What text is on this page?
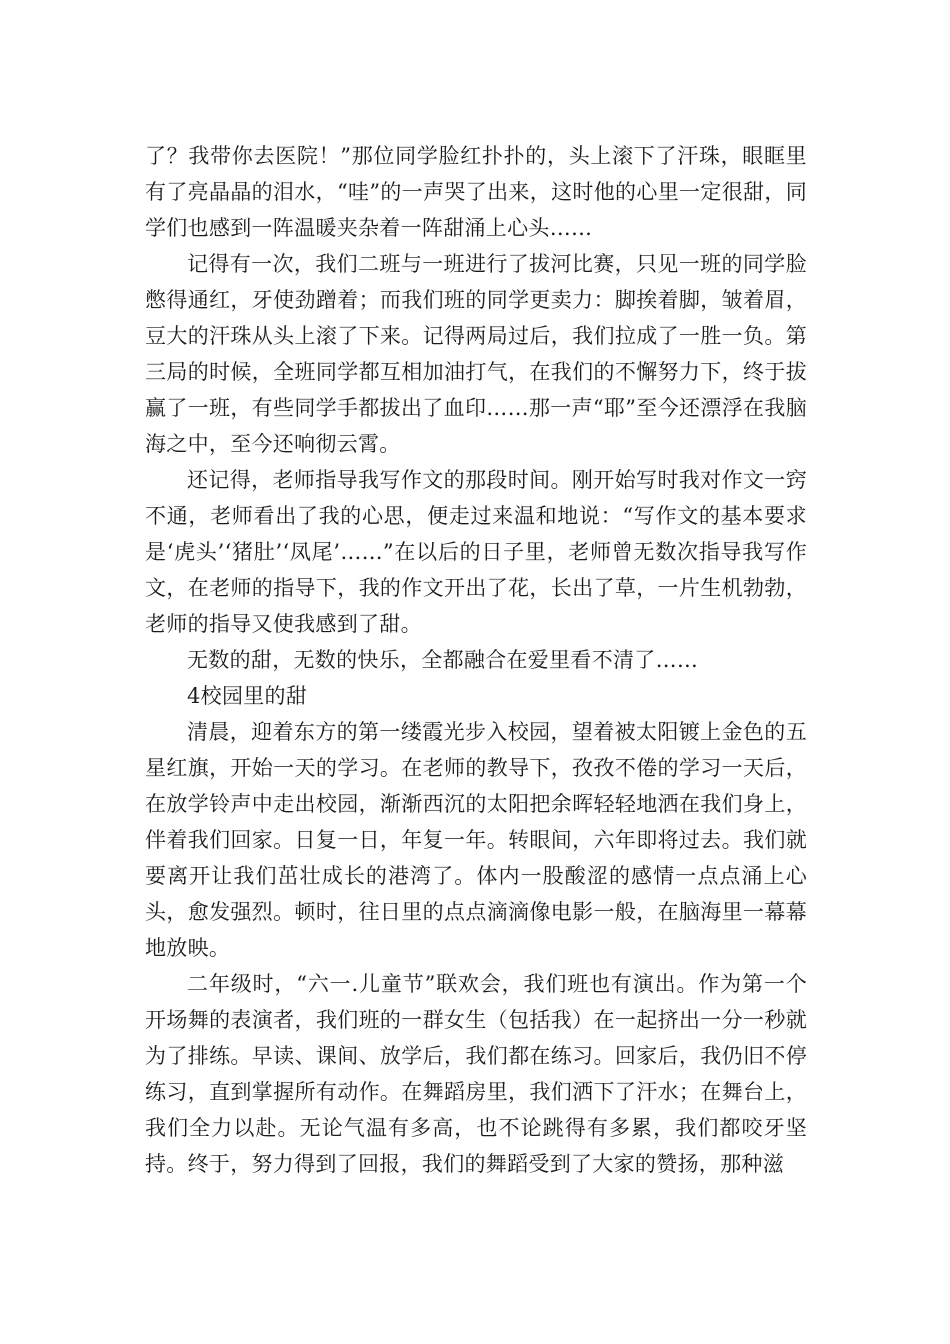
了？我带你去医院！”那位同学脸红扑扑的，头上滚下了汗珠，眼眶里有了亮晶晶的泪水，“哇”的一声哭了出来，这时他的心里一定很甜，同学们也感到一阵温暖夹杂着一阵甜涌上心头……

记得有一次，我们二班与一班进行了拔河比赛，只见一班的同学脸憋得通红，牙使劲蹭着；而我们班的同学更卖力：脚挨着脚，皱着眉，豆大的汗珠从头上滚了下来。记得两局过后，我们拉成了一胜一负。第三局的时候，全班同学都互相加油打气，在我们的不懈努力下，终于拔赢了一班，有些同学手都拔出了血印……那一声“耶”至今还漂浮在我脑海之中，至今还响彻云霄。

还记得，老师指导我写作文的那段时间。刚开始写时我对作文一窍不通，老师看出了我的心思，便走过来温和地说：“写作文的基本要求是‘虎头’‘猪肚’‘凤尾’……”在以后的日子里，老师曾无数次指导我写作文，在老师的指导下，我的作文开出了花，长出了草，一片生机勃勃，老师的指导又使我感到了甜。

无数的甜，无数的快乐，全都融合在爱里看不清了……

4校园里的甜

清晨，迎着东方的第一缕霞光步入校园，望着被太阳镀上金色的五星红旗，开始一天的学习。在老师的教导下，孜孜不倦的学习一天后，在放学铃声中走出校园，渐渐西沉的太阳把余晖轻轻地洒在我们身上，伴着我们回家。日复一日，年复一年。转眼间，六年即将过去。我们就要离开让我们茁壮成长的港湾了。体内一股酸涩的感情一点点涌上心头，愈发强烈。顿时，往日里的点点滴滴像电影一般，在脑海里一幕幕地放映。

二年级时，“六一.儿童节”联欢会，我们班也有演出。作为第一个开场舞的表演者，我们班的一群女生（包括我）在一起挤出一分一秒就为了排练。早读、课间、放学后，我们都在练习。回家后，我仍旧不停练习，直到掌握所有动作。在舞蹈房里，我们洒下了汗水；在舞台上，我们全力以赴。无论气温有多高，也不论跳得有多累，我们都咬牙坚持。终于，努力得到了回报，我们的舞蹈受到了大家的赞扬，那种滋
